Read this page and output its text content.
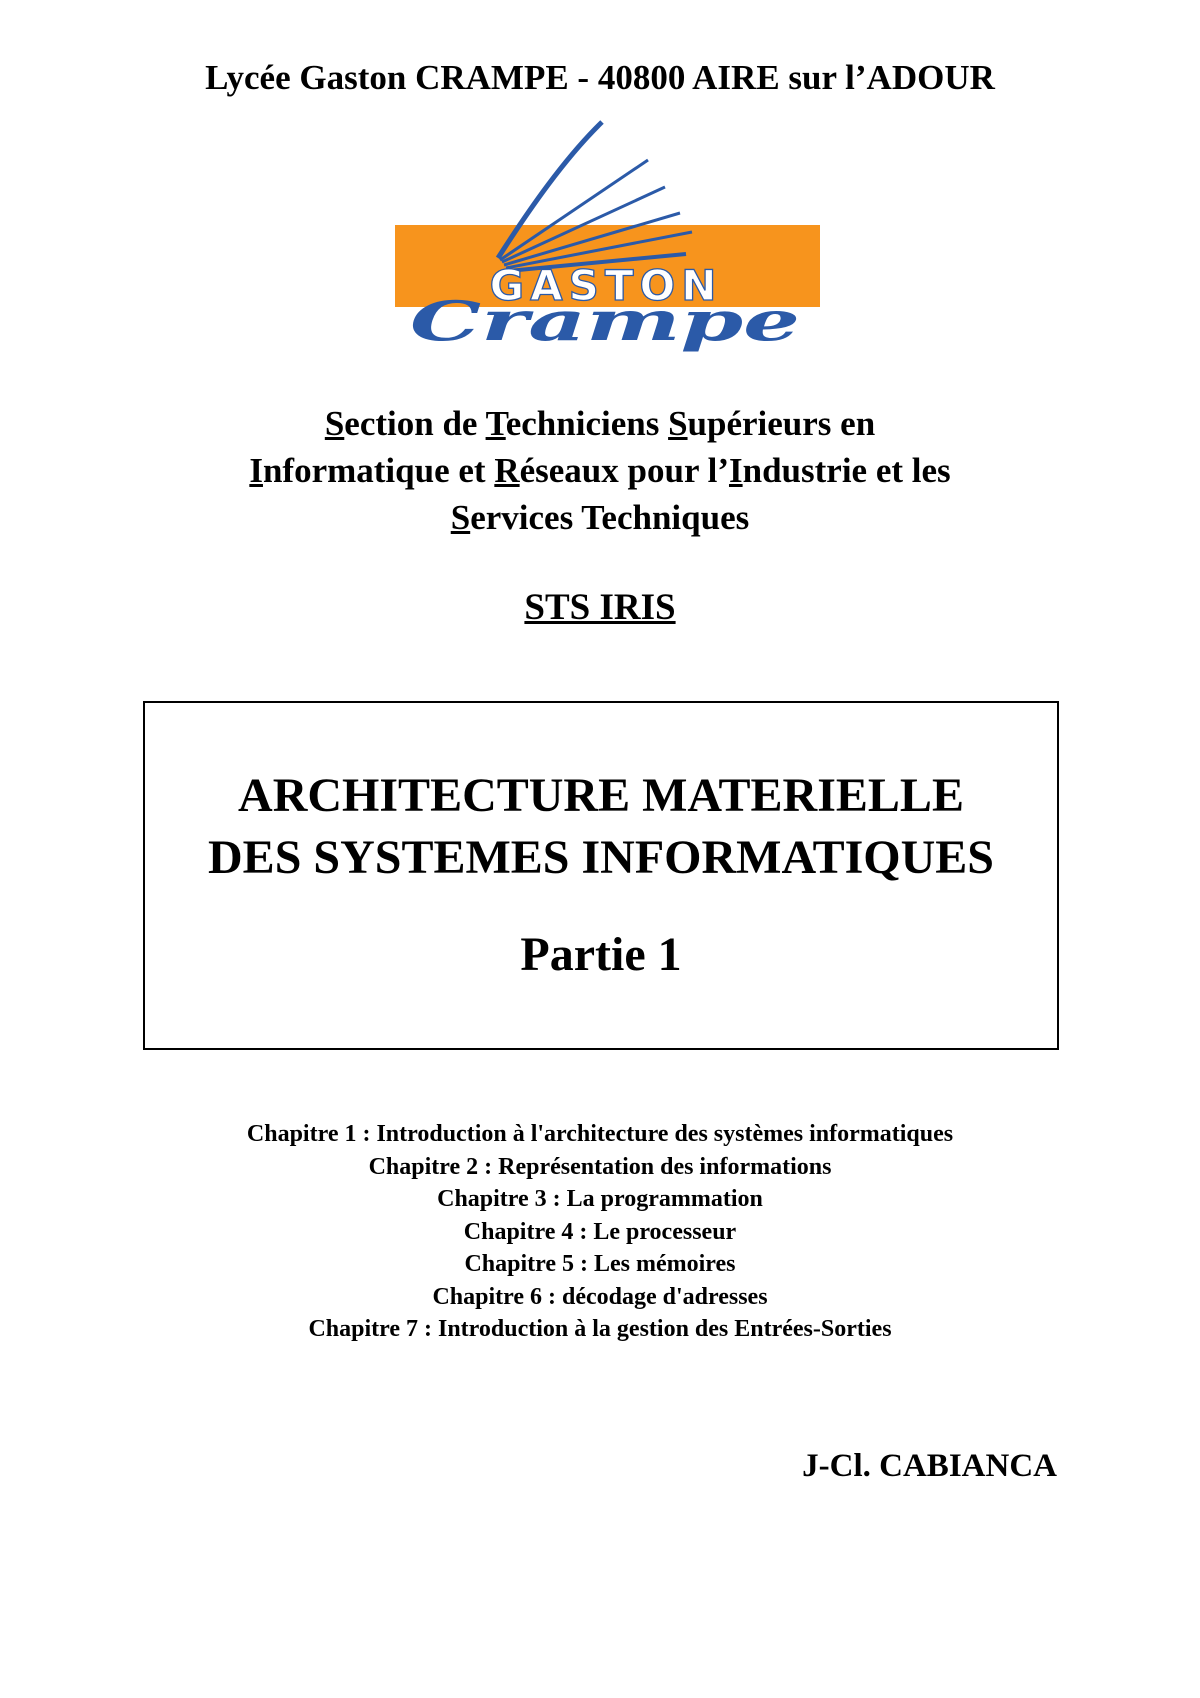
Lycée Gaston CRAMPE - 40800 AIRE sur l’ADOUR
GASTON
Crampe
Section de Techniciens Supérieurs en
Informatique et Réseaux pour l’Industrie et les
Services Techniques
STS IRIS
ARCHITECTURE MATERIELLE
DES SYSTEMES INFORMATIQUES
Partie 1
Chapitre 1 : Introduction à l'architecture des systèmes informatiques
Chapitre 2 : Représentation des informations
Chapitre 3 : La programmation
Chapitre 4 : Le processeur
Chapitre 5 : Les mémoires
Chapitre 6 : décodage d'adresses
Chapitre 7 : Introduction à la gestion des Entrées-Sorties
J-Cl. CABIANCA
